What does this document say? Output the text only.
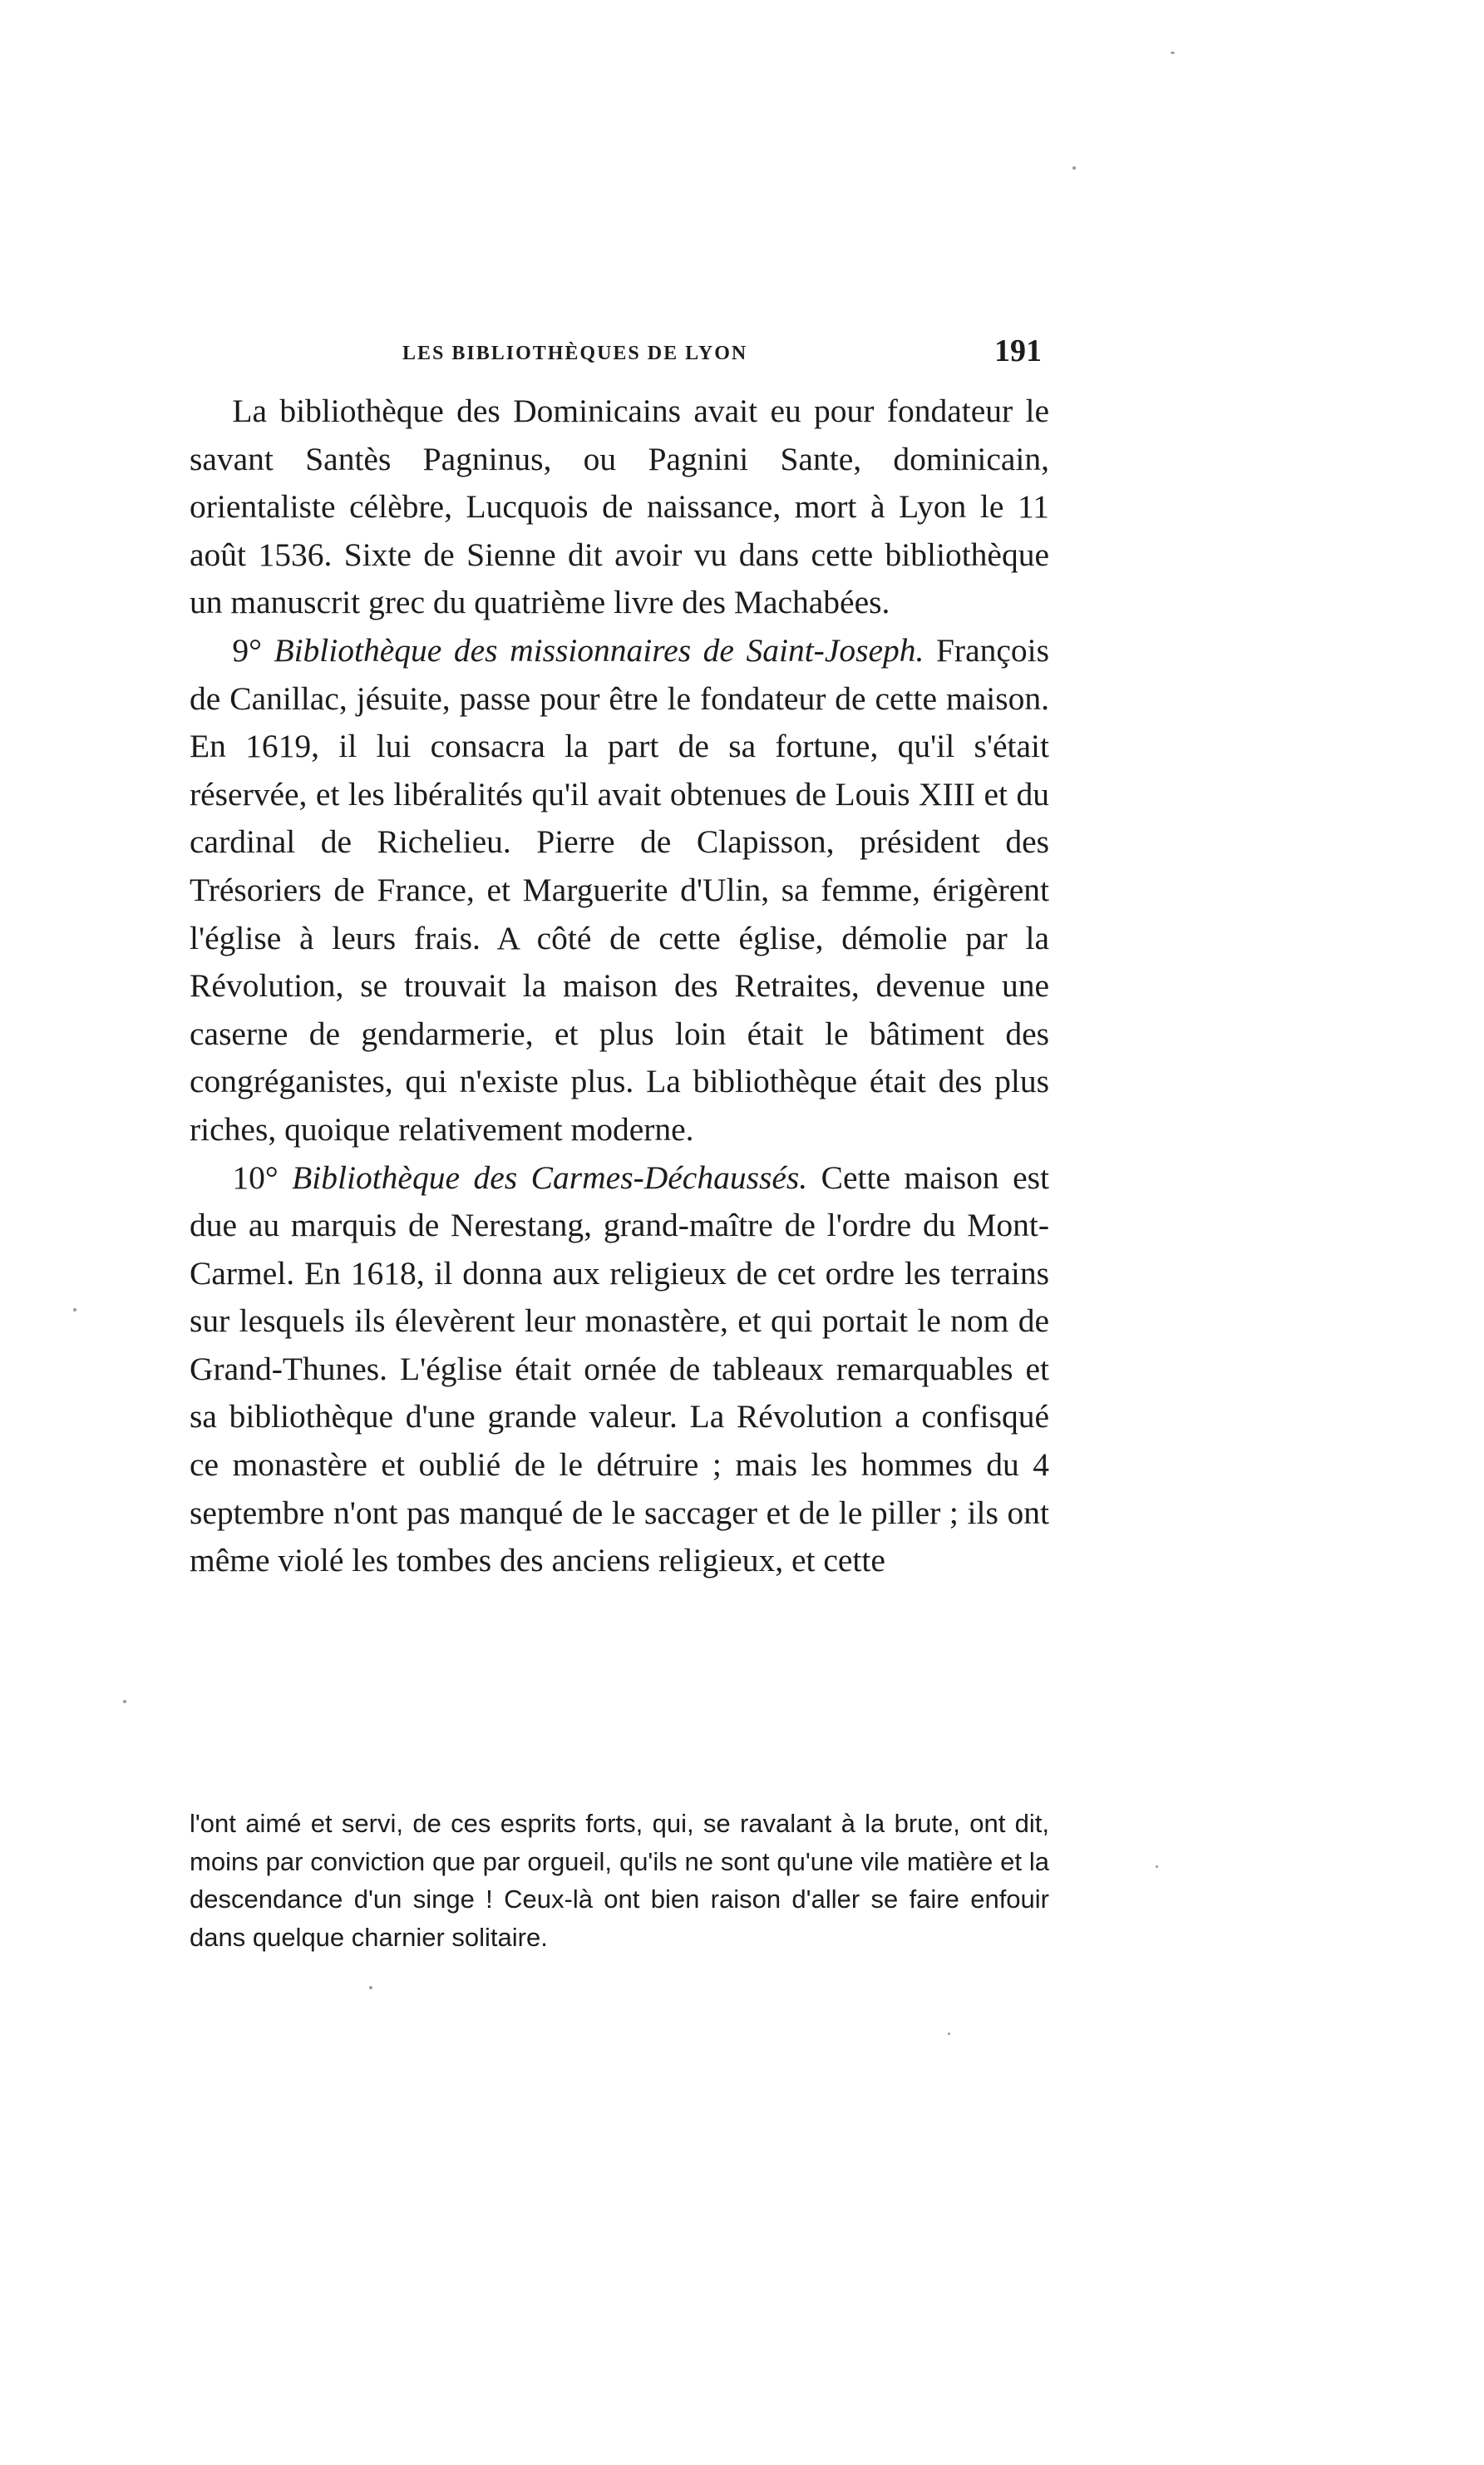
LES BIBLIOTHÈQUES DE LYON	191

La bibliothèque des Dominicains avait eu pour fondateur le savant Santès Pagninus, ou Pagnini Sante, dominicain, orientaliste célèbre, Lucquois de naissance, mort à Lyon le 11 août 1536. Sixte de Sienne dit avoir vu dans cette bibliothèque un manuscrit grec du quatrième livre des Machabées.

9° Bibliothèque des missionnaires de Saint-Joseph. François de Canillac, jésuite, passe pour être le fondateur de cette maison. En 1619, il lui consacra la part de sa fortune, qu'il s'était réservée, et les libéralités qu'il avait obtenues de Louis XIII et du cardinal de Richelieu. Pierre de Clapisson, président des Trésoriers de France, et Marguerite d'Ulin, sa femme, érigèrent l'église à leurs frais. A côté de cette église, démolie par la Révolution, se trouvait la maison des Retraites, devenue une caserne de gendarmerie, et plus loin était le bâtiment des congréganistes, qui n'existe plus. La bibliothèque était des plus riches, quoique relativement moderne.

10° Bibliothèque des Carmes-Déchaussés. Cette maison est due au marquis de Nerestang, grand-maître de l'ordre du Mont-Carmel. En 1618, il donna aux religieux de cet ordre les terrains sur lesquels ils élevèrent leur monastère, et qui portait le nom de Grand-Thunes. L'église était ornée de tableaux remarquables et sa bibliothèque d'une grande valeur. La Révolution a confisqué ce monastère et oublié de le détruire ; mais les hommes du 4 septembre n'ont pas manqué de le saccager et de le piller ; ils ont même violé les tombes des anciens religieux, et cette

l'ont aimé et servi, de ces esprits forts, qui, se ravalant à la brute, ont dit, moins par conviction que par orgueil, qu'ils ne sont qu'une vile matière et la descendance d'un singe ! Ceux-là ont bien raison d'aller se faire enfouir dans quelque charnier solitaire.
